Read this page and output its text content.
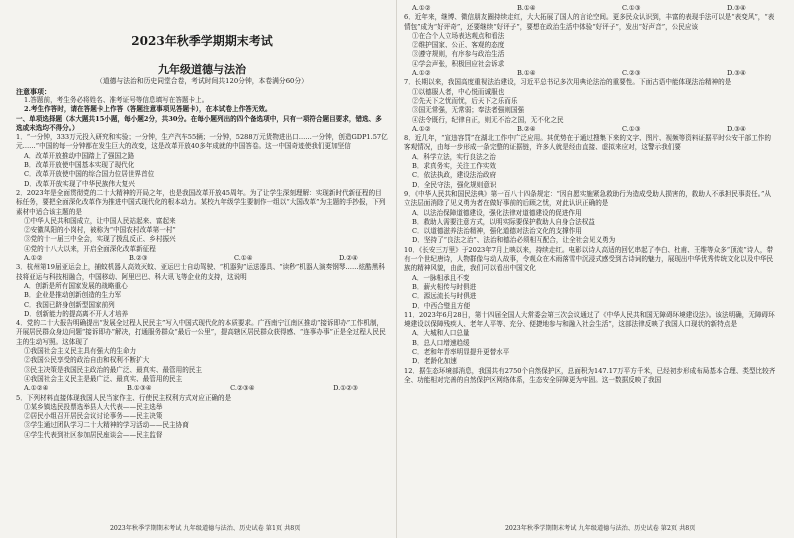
2023年秋季学期期末考试
九年级道德与法治
（道德与法治和历史同堂合卷，考试时间共120分钟，本卷满分60分）
注意事项：

1.答题前，考生务必将姓名、准考证号等信息填写在答题卡上。

2.考生作答时，请在答题卡上作答（答题注意事项见答题卡），在本试卷上作答无效。

一、单项选择题（本大题共15小题，每小题2分，共30分。在每小题列出的四个备选项中，只有一项符合题目要求，错选、多选或未选均不得分。）

1．“一分钟，333万元投入研究和实验；一分钟，生产汽车55辆；一分钟，5288万元货物进出口……一分钟，创造GDP1.57亿元……”中国的每一分钟都在发生巨大的改变，这是改革开放40多年成就的中国答卷。这一中国奇迹使我们更加坚信

A．改革开放推动中国踏上了强国之路

B．改革开放使中国基本实现了现代化

C．改革开放使中国的综合国力位居世界首位

D．改革开放实现了中华民族伟大复兴

2．2023年是全面贯彻党的二十大精神的开局之年，也是我国改革开放45周年。为了让学生深刻理解：实现新时代新征程的目标任务，要把全面深化改革作为推进中国式现代化的根本动力。某校九年级学生要制作一组以“大国改革”为主题的手抄报，下列素材中适合该主题的是

①中华人民共和国成立，让中国人民站起来、富起来

②安徽凤阳的小岗村，被称为“中国农村改革第一村”

③党的十一届三中全会，实现了拨乱反正、乡村振兴

④党的十八大以来，开启全面深化改革新征程

A.①②	B.②③	C.①④	D.②④

3．杭州第19届亚运会上，捕蚊机器人高效灭蚊、亚运巴士自动驾驶、“机器狗”运送器具、“读秒”机器人演奏钢琴……炫酷黑科技将亚运与科技相融合，中国移动、阿里巴巴、科大讯飞等企业的支持，这说明

A．创新是所有国家发展的战略重心

B．企业是推动创新创造的生力军

C．我国已跻身创新型国家前列

D．创新能力的提高离不开人才培养

4．党的二十大报告明确提出“发展全过程人民民主”写入中国式现代化的本质要求。广西南宁江南区推动“接诉即办”工作机制，开展居民群众身边问题“接诉即办”解决，打通服务群众“最后一公里”，提高辖区居民群众获得感、“连事办事”正是全过程人民民主的生动写照。这体现了

①我国社会主义民主具有强大的生命力

②我国公民享受的政治自由和权利不断扩大

③民主决策是我国民主政治的最广泛、最真实、最管用的民主

④我国社会主义民主是最广泛、最真实、最管用的民主

A.①②④	B.①③④	C.②③④	D.①②③

5．下列材料直接体现我国人民当家作主、行使民主权利方式对应正确的是

①某乡镇选民投票选举县人大代表——民主选举

②居民小组召开居民会议讨论事务——民主决策

③学生通过团队学习二十大精神的学习活动——民主协商

④学生代表到社区参加居民座谈会——民主监督

2023年秋季学期期末考试 九年级道德与法治、历史试卷 第1页 共8页
A.①②	B.①④	C.①③	D.③④

6．近年来，继博、微信朋友圈持续走红，大大拓展了国人的言论空间。更多民众认识到，丰富的表现手法可以是“表变风”，“表情包”成为“好评奇”，还要继续“好评子”，要想在政治生活中体验“好评子”，发出“好声音”，公民应该

①在合个人立场表达观点和看法

②维护国家、公正、客观的态度

③遵守规则，有序参与政治生活

④学会声张，积极回应社会诉求

A.①②	B.①④	C.②③	D.③④

7．长期以来，我国高度重视法治建设，习近平总书记多次用典论法治的重要性。下面古语中能体现法治精神的是

①以德服人者，中心悦而诚服也

②先天下之忧而忧，后天下之乐而乐

③国无常强，无常弱；奉法者强则国强

④法令既行，纪律自正，则无不治之国，无不化之民

A.①②	B.②④	C.①③	D.③④

8．近几年，“宣违容罚”在湖北工作中广泛应用。其优势在于通过搜集下来的文字、图片、视频等资料证据平时公安干部工作的客观情况，由每一步形成一条完整的证据链，许多人就是经由直接、虚拟来应对，这警示我们要

A．科学立法，实行良法之治

B．求真务实，关注工作实效

C．依法执政，建设法治政府

D．全民守法，强化规则意识

9．《中华人民共和国民法典》第一百八十四条规定：“因自愿实施紧急救助行为造成受助人损害的，救助人不承担民事责任。”从立法层面消除了见义勇为者在做好事前的后顾之忧，对此认识正确的是

A．以法治保障道德建设，强化法律对道德建设的促进作用

B．救助人需要注意方式，以明实际要保护救助人自身合法权益

C．以道德滋养法治精神，强化道德对法治文化的支撑作用

D．坚持了“良法之治”、法治和德治必须相互配合，让全社会见义勇为

10．《长安三万里》于2023年7月上映以来，持续走红。电影以诗人高适的回忆串起了李白、杜甫、王维等众多“顶流”诗人，带有一个世纪唐诗，人物群像与动人故事，令观众在木雨落雪中沉浸式感受到古诗词的魅力，展现出中华优秀传统文化以及中华民族的精神风貌，由此，我们可以看出中国文化

A．一脉相承且不变

B．薪火相传与时俱进

C．源远流长与时俱进

D．中西合璧且方便

11．2023年6月28日，第十四届全国人大常委会第三次会议通过了《中华人民共和国无障碍环境建设法》。该法明确，无障碍环境建设以保障残疾人、老年人平等、充分、便捷地参与和融入社会生活”，这部法律反映了我国人口现状的新特点是

A．大城和人口总量

B．总人口增速趋缓

C．老和年青率明显提升更替水平

D．老龄化加速

12．据生态环境部消息，我国共有2750个自然保护区，总面积为147.17万平方千米，已经初步形成布局基本合理、类型比较齐全、功能相对完善的自然保护区网络体系，生态安全屏障更为牢固。这一数据反映了我国

2023年秋季学期期末考试 九年级道德与法治、历史试卷 第2页 共8页
